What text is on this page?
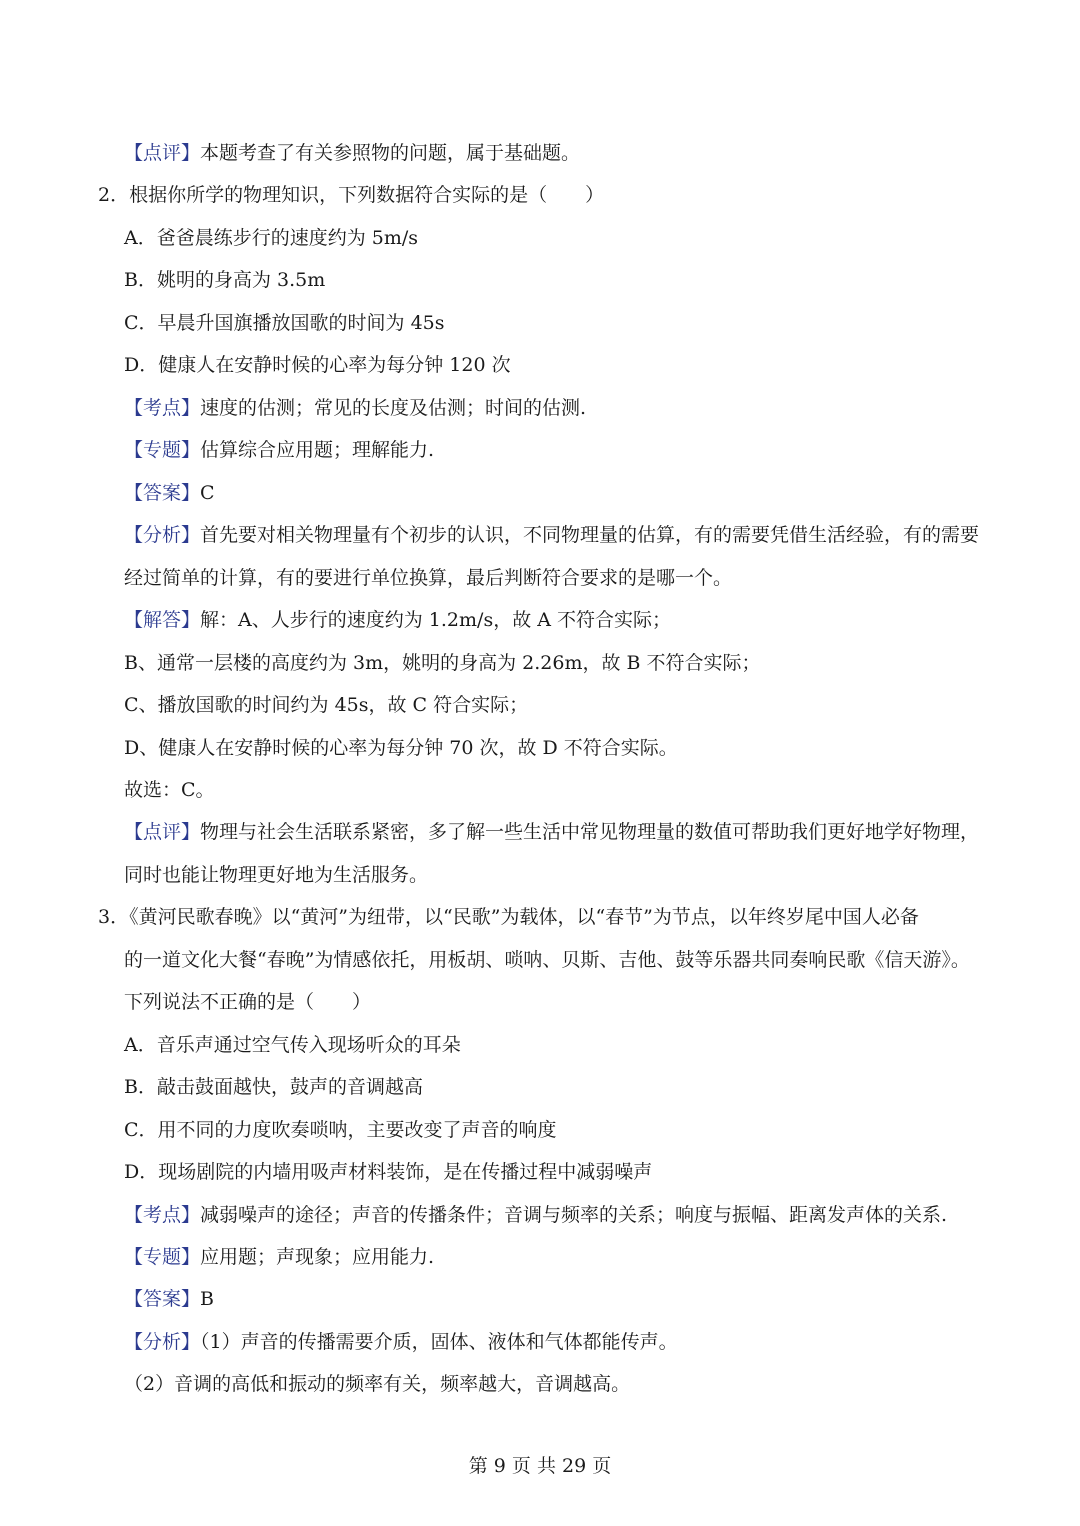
【点评】本题考查了有关参照物的问题，属于基础题。
2．根据你所学的物理知识，下列数据符合实际的是（　　）
A．爸爸晨练步行的速度约为 5m/s
B．姚明的身高为 3.5m
C．早晨升国旗播放国歌的时间为 45s
D．健康人在安静时候的心率为每分钟 120 次
【考点】速度的估测；常见的长度及估测；时间的估测.
【专题】估算综合应用题；理解能力.
【答案】C
【分析】首先要对相关物理量有个初步的认识，不同物理量的估算，有的需要凭借生活经验，有的需要
经过简单的计算，有的要进行单位换算，最后判断符合要求的是哪一个。
【解答】解：A、人步行的速度约为 1.2m/s，故 A 不符合实际；
B、通常一层楼的高度约为 3m，姚明的身高为 2.26m，故 B 不符合实际；
C、播放国歌的时间约为 45s，故 C 符合实际；
D、健康人在安静时候的心率为每分钟 70 次，故 D 不符合实际。
故选：C。
【点评】物理与社会生活联系紧密，多了解一些生活中常见物理量的数值可帮助我们更好地学好物理，
同时也能让物理更好地为生活服务。
3．《黄河民歌春晚》以“黄河”为纽带，以“民歌”为载体，以“春节”为节点，以年终岁尾中国人必备
的一道文化大餐“春晚”为情感依托，用板胡、唢呐、贝斯、吉他、鼓等乐器共同奏响民歌《信天游》。
下列说法不正确的是（　　）
A．音乐声通过空气传入现场听众的耳朵
B．敲击鼓面越快，鼓声的音调越高
C．用不同的力度吹奏唢呐，主要改变了声音的响度
D．现场剧院的内墙用吸声材料装饰，是在传播过程中减弱噪声
【考点】减弱噪声的途径；声音的传播条件；音调与频率的关系；响度与振幅、距离发声体的关系.
【专题】应用题；声现象；应用能力.
【答案】B
【分析】（1）声音的传播需要介质，固体、液体和气体都能传声。
（2）音调的高低和振动的频率有关，频率越大，音调越高。
第 9 页 共 29 页
